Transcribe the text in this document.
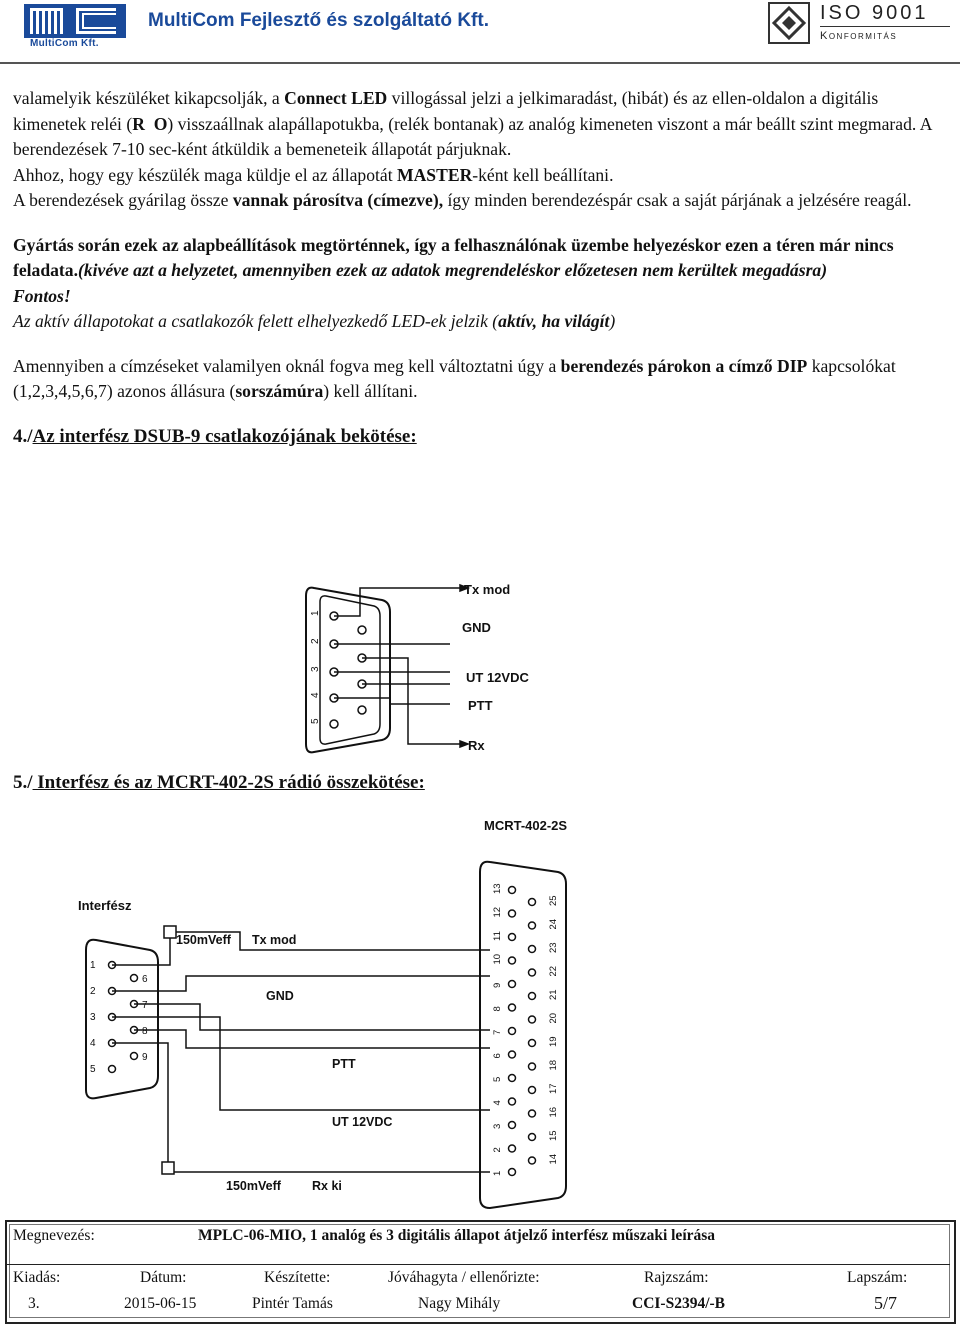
MultiCom Kft.
MultiCom Fejlesztő és szolgáltató Kft.	ISO 9001
Konformitás

valamelyik készüléket kikapcsolják, a Connect LED villogással jelzi a jelkimaradást, (hibát) és az ellen-oldalon a digitális kimenetek reléi (R  O) visszaállnak alapállapotukba, (relék bontanak) az analóg kimeneten viszont a már beállt szint megmarad. A berendezések 7-10 sec-ként átküldik a bemeneteik állapotát párjuknak.

Ahhoz, hogy egy készülék maga küldje el az állapotát MASTER-ként kell beállítani.

A berendezések gyárilag össze vannak párosítva (címezve), így minden berendezéspár csak a saját párjának a jelzésére reagál.

Gyártás során ezek az alapbeállítások megtörténnek, így a felhasználónak üzembe helyezéskor ezen a téren már nincs feladata.(kivéve azt a helyzetet, amennyiben ezek az adatok megrendeléskor előzetesen nem kerültek megadásra)

Fontos!

Az aktív állapotokat a csatlakozók felett elhelyezkedő LED-ek jelzik (aktív, ha világít)

Amennyiben a címzéseket valamilyen oknál fogva meg kell változtatni úgy a berendezés párokon a címző DIP kapcsolókat (1,2,3,4,5,6,7) azonos állásura (sorszámúra) kell állítani.

4./Az interfész DSUB-9 csatlakozójának bekötése:

1
2
3
4
5
Tx mod
GND
UT 12VDC
PTT
Rx

5./ Interfész és az MCRT-402-2S rádió összekötése:

MCRT-402-2S
Interfész
1
2
3
4
5
6
7
8
9
13
12
11
10
9
8
7
6
5
4
3
2
1
25
24
23
22
21
20
19
18
17
16
15
14
150mVeff Tx mod
GND
PTT
UT 12VDC
150mVeff Rx ki
Megnevezés:	MPLC-06-MIO, 1 analóg és 3 digitális állapot átjelző interfész műszaki leírása
Kiadás:	Dátum:	Készítette:	Jóváhagyta / ellenőrizte:	Rajzszám:	Lapszám:
3.	2015-06-15	Pintér Tamás	Nagy Mihály	CCI-S2394/-B	5/7
